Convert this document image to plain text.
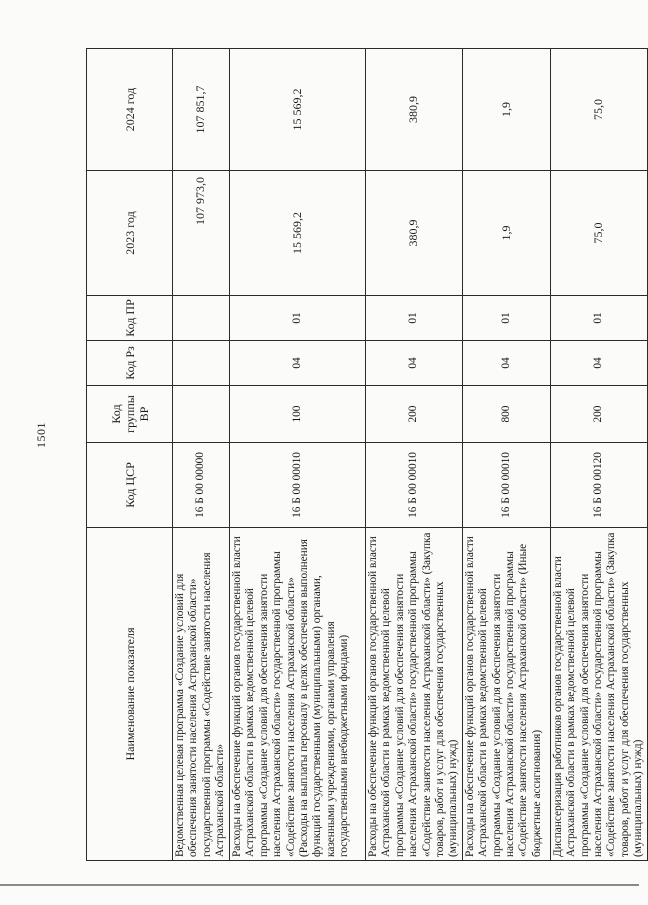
1501
Наименование показателя	Код ЦСР	Код группы ВР	Код Рз	Код ПР	2023 год	2024 год
Ведомственная целевая программа «Создание условий для обеспечения занятости населения Астраханской области» государственной программы «Содействие занятости населения Астраханской области»	16 Б 00 00000				107 973,0	107 851,7
Расходы на обеспечение функций органов государственной власти Астраханской области в рамках ведомственной целевой программы «Создание условий для обеспечения занятости населения Астраханской области» государственной программы «Содействие занятости населения Астраханской области» (Расходы на выплаты персоналу в целях обеспечения выполнения функций государственными (муниципальными) органами, казенными учреждениями, органами управления государственными внебюджетными фондами)	16 Б 00 00010	100	04	01	15 569,2	15 569,2
Расходы на обеспечение функций органов государственной власти Астраханской области в рамках ведомственной целевой программы «Создание условий для обеспечения занятости населения Астраханской области» государственной программы «Содействие занятости населения Астраханской области» (Закупка товаров, работ и услуг для обеспечения государственных (муниципальных) нужд)	16 Б 00 00010	200	04	01	380,9	380,9
Расходы на обеспечение функций органов государственной власти Астраханской области в рамках ведомственной целевой программы «Создание условий для обеспечения занятости населения Астраханской области» государственной программы «Содействие занятости населения Астраханской области» (Иные бюджетные ассигнования)	16 Б 00 00010	800	04	01	1,9	1,9
Диспансеризация работников органов государственной власти Астраханской области в рамках ведомственной целевой программы «Создание условий для обеспечения занятости населения Астраханской области» государственной программы «Содействие занятости населения Астраханской области» (Закупка товаров, работ и услуг для обеспечения государственных (муниципальных) нужд)	16 Б 00 00120	200	04	01	75,0	75,0
